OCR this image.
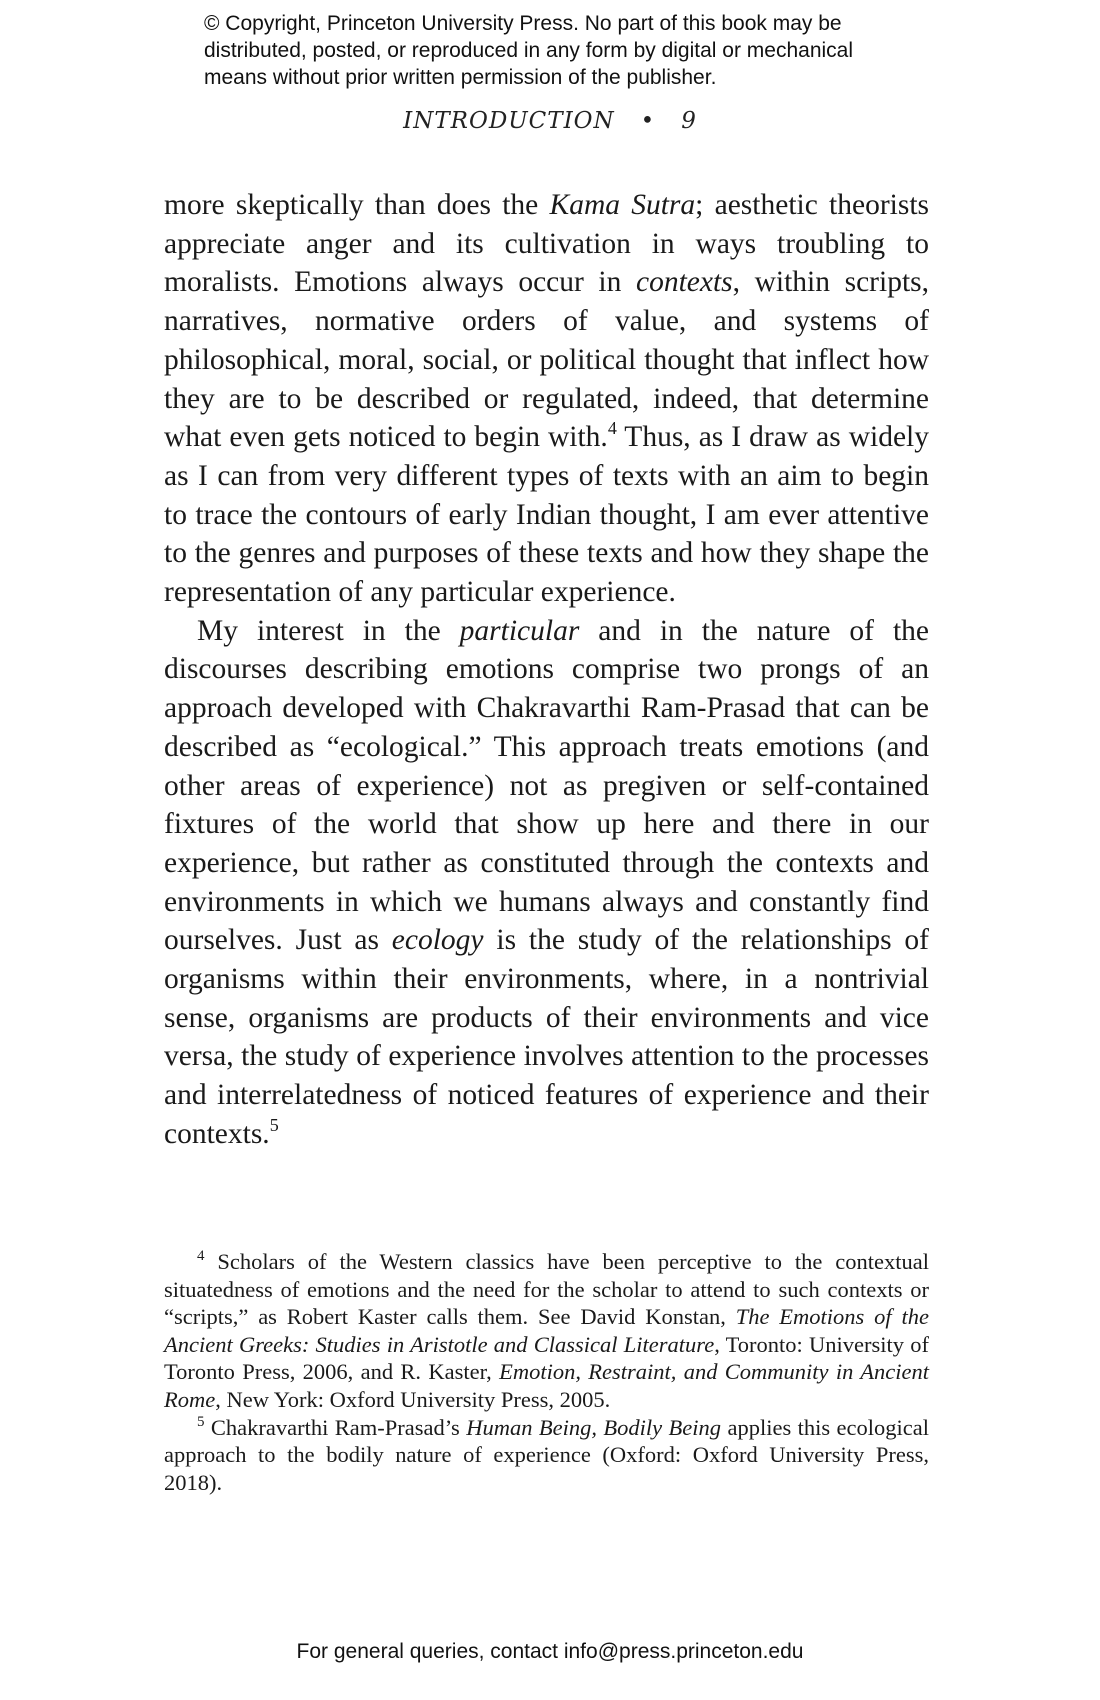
© Copyright, Princeton University Press. No part of this book may be
distributed, posted, or reproduced in any form by digital or mechanical
means without prior written permission of the publisher.
INTRODUCTION • 9

more skeptically than does the Kama Sutra; aesthetic theorists appreciate anger and its cultivation in ways troubling to moralists. Emotions always occur in contexts, within scripts, narratives, normative orders of value, and systems of philosophical, moral, social, or political thought that inflect how they are to be described or regulated, indeed, that determine what even gets noticed to begin with.$^4$ Thus, as I draw as widely as I can from very different types of texts with an aim to begin to trace the contours of early Indian thought, I am ever attentive to the genres and purposes of these texts and how they shape the representation of any particular experience.

My interest in the particular and in the nature of the discourses describing emotions comprise two prongs of an approach developed with Chakravarthi Ram-Prasad that can be described as “ecological.” This approach treats emotions (and other areas of experience) not as pregiven or self-contained fixtures of the world that show up here and there in our experience, but rather as constituted through the contexts and environments in which we humans always and constantly find ourselves. Just as ecology is the study of the relationships of organisms within their environments, where, in a nontrivial sense, organisms are products of their environments and vice versa, the study of experience involves attention to the processes and interrelatedness of noticed features of experience and their contexts.$^5$

$^4$ Scholars of the Western classics have been perceptive to the contextual situatedness of emotions and the need for the scholar to attend to such contexts or “scripts,” as Robert Kaster calls them. See David Konstan, The Emotions of the Ancient Greeks: Studies in Aristotle and Classical Literature, Toronto: University of Toronto Press, 2006, and R. Kaster, Emotion, Restraint, and Community in Ancient Rome, New York: Oxford University Press, 2005.

$^5$ Chakravarthi Ram-Prasad’s Human Being, Bodily Being applies this ecological approach to the bodily nature of experience (Oxford: Oxford University Press, 2018).

For general queries, contact info@press.princeton.edu
